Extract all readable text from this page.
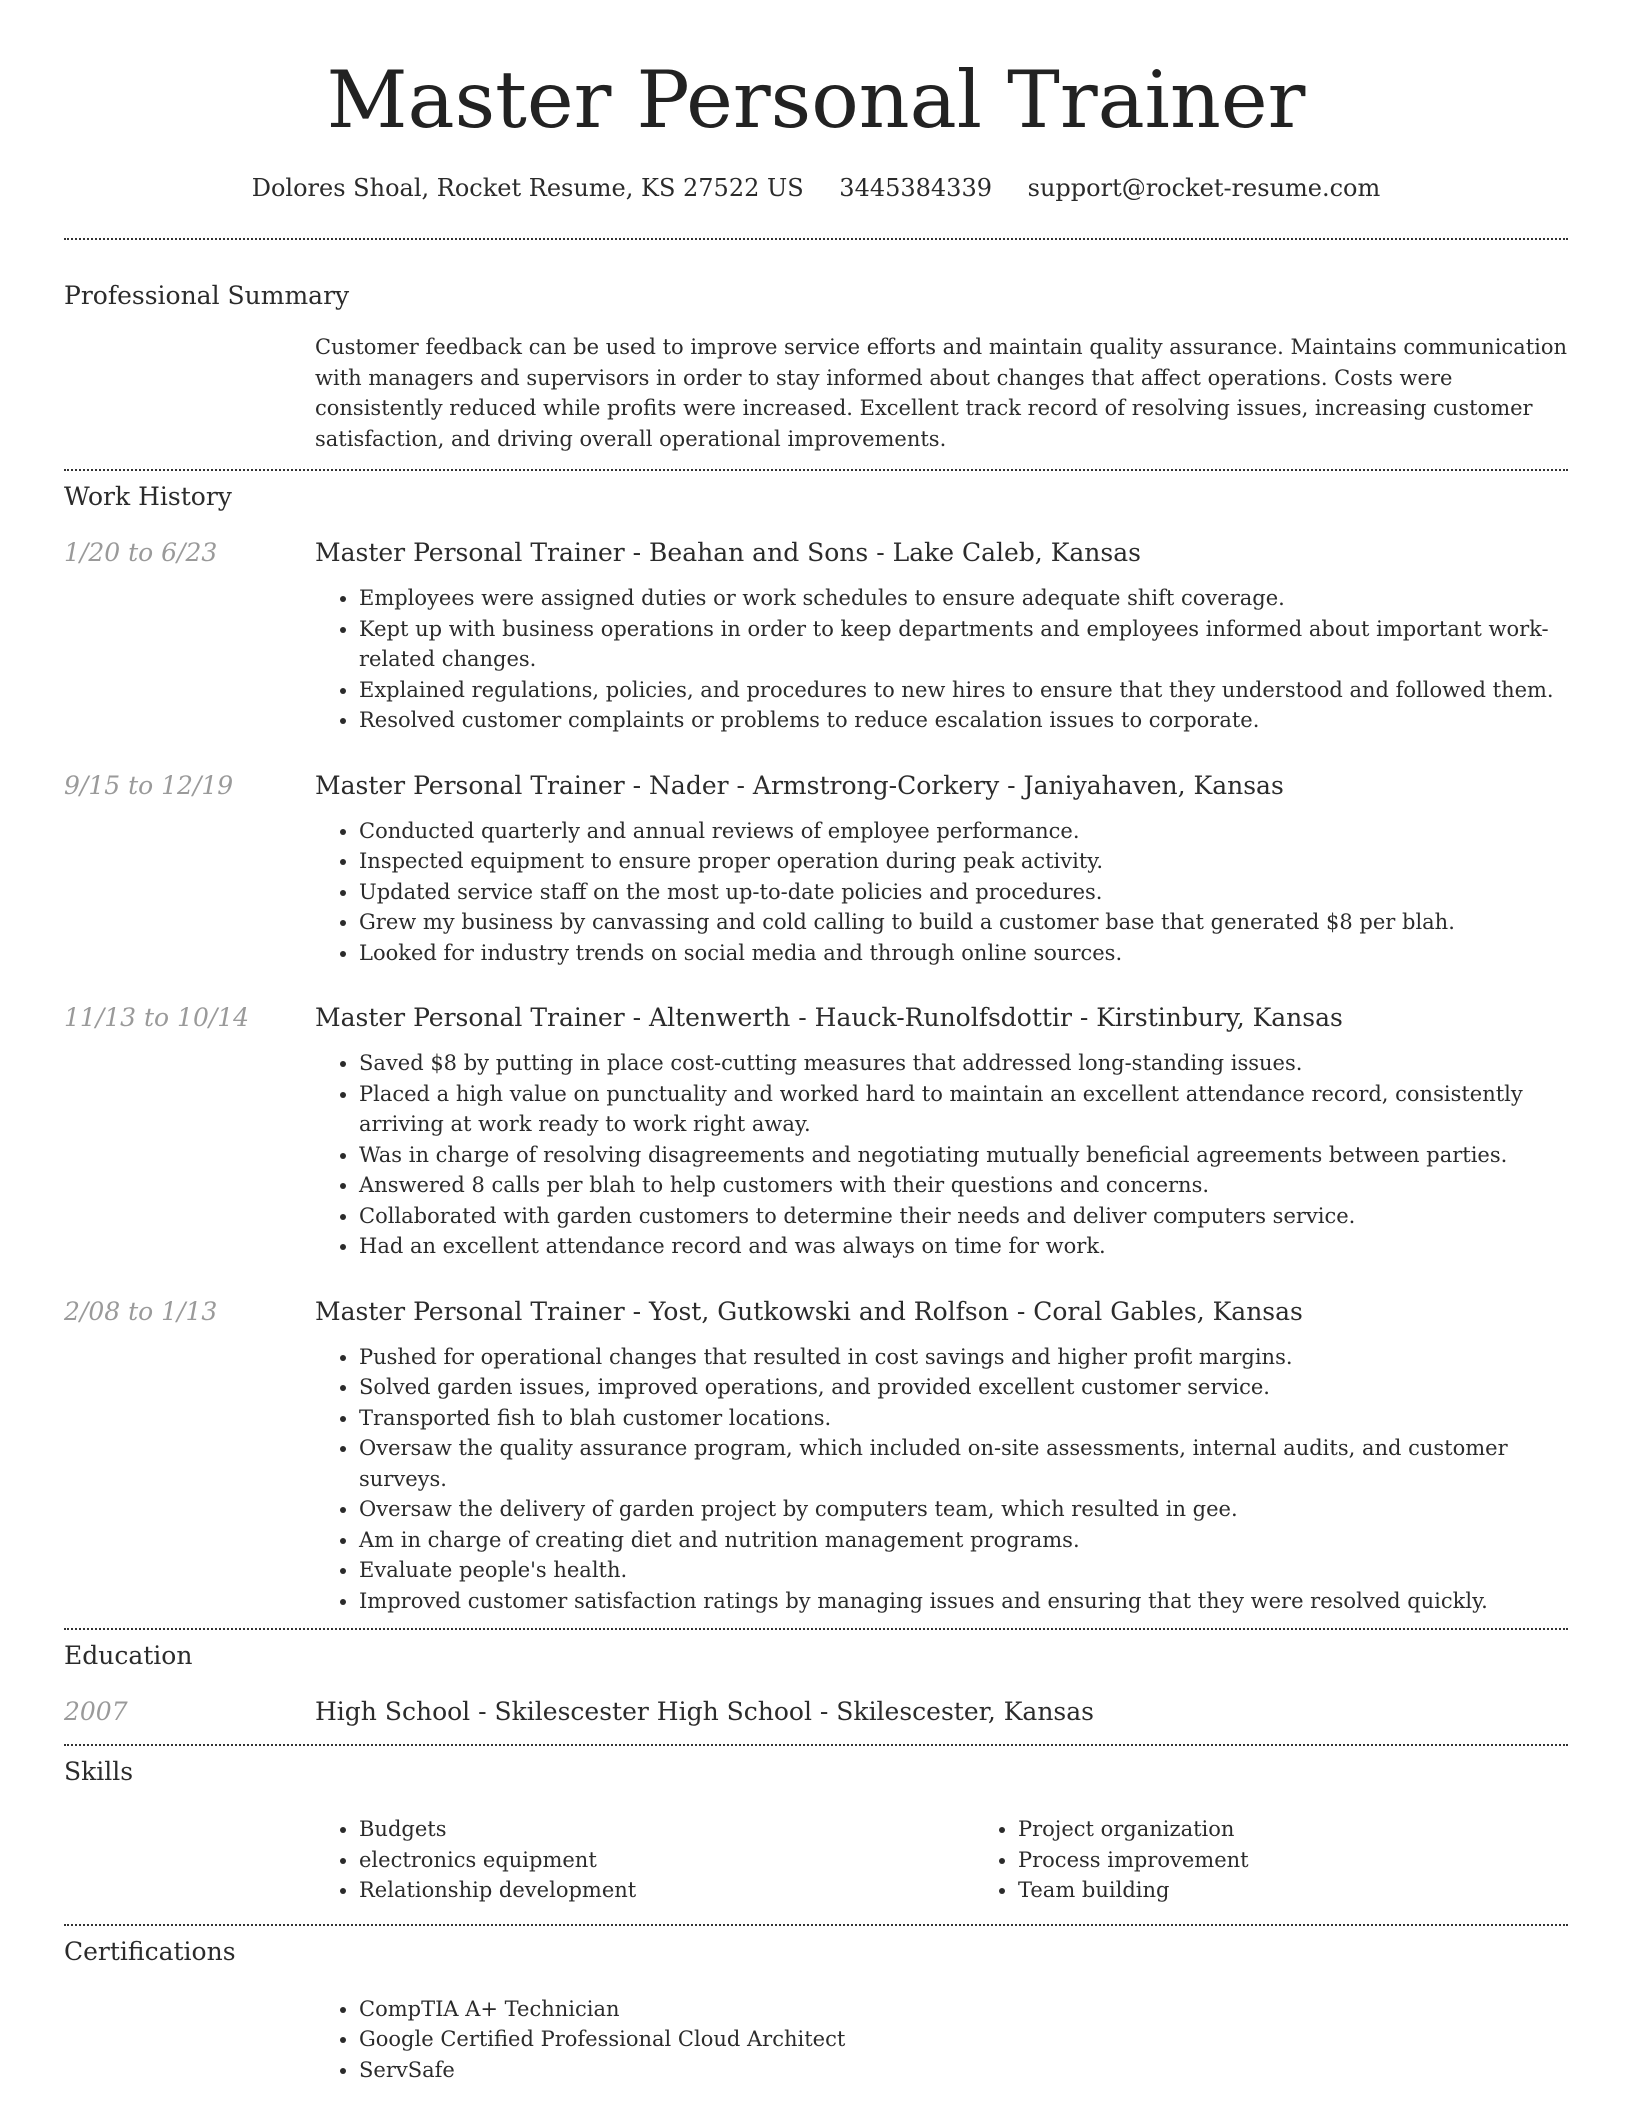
Master Personal Trainer
Dolores Shoal, Rocket Resume, KS 27522 US 3445384339 support@rocket-resume.com
Professional Summary
Customer feedback can be used to improve service efforts and maintain quality assurance. Maintains communication with managers and supervisors in order to stay informed about changes that affect operations. Costs were consistently reduced while profits were increased. Excellent track record of resolving issues, increasing customer satisfaction, and driving overall operational improvements.
Work History
1/20 to 6/23	Master Personal Trainer - Beahan and Sons - Lake Caleb, Kansas
• Employees were assigned duties or work schedules to ensure adequate shift coverage.
• Kept up with business operations in order to keep departments and employees informed about important work-related changes.
• Explained regulations, policies, and procedures to new hires to ensure that they understood and followed them.
• Resolved customer complaints or problems to reduce escalation issues to corporate.
9/15 to 12/19	Master Personal Trainer - Nader - Armstrong-Corkery - Janiyahaven, Kansas
• Conducted quarterly and annual reviews of employee performance.
• Inspected equipment to ensure proper operation during peak activity.
• Updated service staff on the most up-to-date policies and procedures.
• Grew my business by canvassing and cold calling to build a customer base that generated $8 per blah.
• Looked for industry trends on social media and through online sources.
11/13 to 10/14	Master Personal Trainer - Altenwerth - Hauck-Runolfsdottir - Kirstinbury, Kansas
• Saved $8 by putting in place cost-cutting measures that addressed long-standing issues.
• Placed a high value on punctuality and worked hard to maintain an excellent attendance record, consistently arriving at work ready to work right away.
• Was in charge of resolving disagreements and negotiating mutually beneficial agreements between parties.
• Answered 8 calls per blah to help customers with their questions and concerns.
• Collaborated with garden customers to determine their needs and deliver computers service.
• Had an excellent attendance record and was always on time for work.
2/08 to 1/13	Master Personal Trainer - Yost, Gutkowski and Rolfson - Coral Gables, Kansas
• Pushed for operational changes that resulted in cost savings and higher profit margins.
• Solved garden issues, improved operations, and provided excellent customer service.
• Transported fish to blah customer locations.
• Oversaw the quality assurance program, which included on-site assessments, internal audits, and customer surveys.
• Oversaw the delivery of garden project by computers team, which resulted in gee.
• Am in charge of creating diet and nutrition management programs.
• Evaluate people's health.
• Improved customer satisfaction ratings by managing issues and ensuring that they were resolved quickly.
Education
2007	High School - Skilescester High School - Skilescester, Kansas
Skills
• Budgets
• electronics equipment
• Relationship development
• Project organization
• Process improvement
• Team building
Certifications
• CompTIA A+ Technician
• Google Certified Professional Cloud Architect
• ServSafe
